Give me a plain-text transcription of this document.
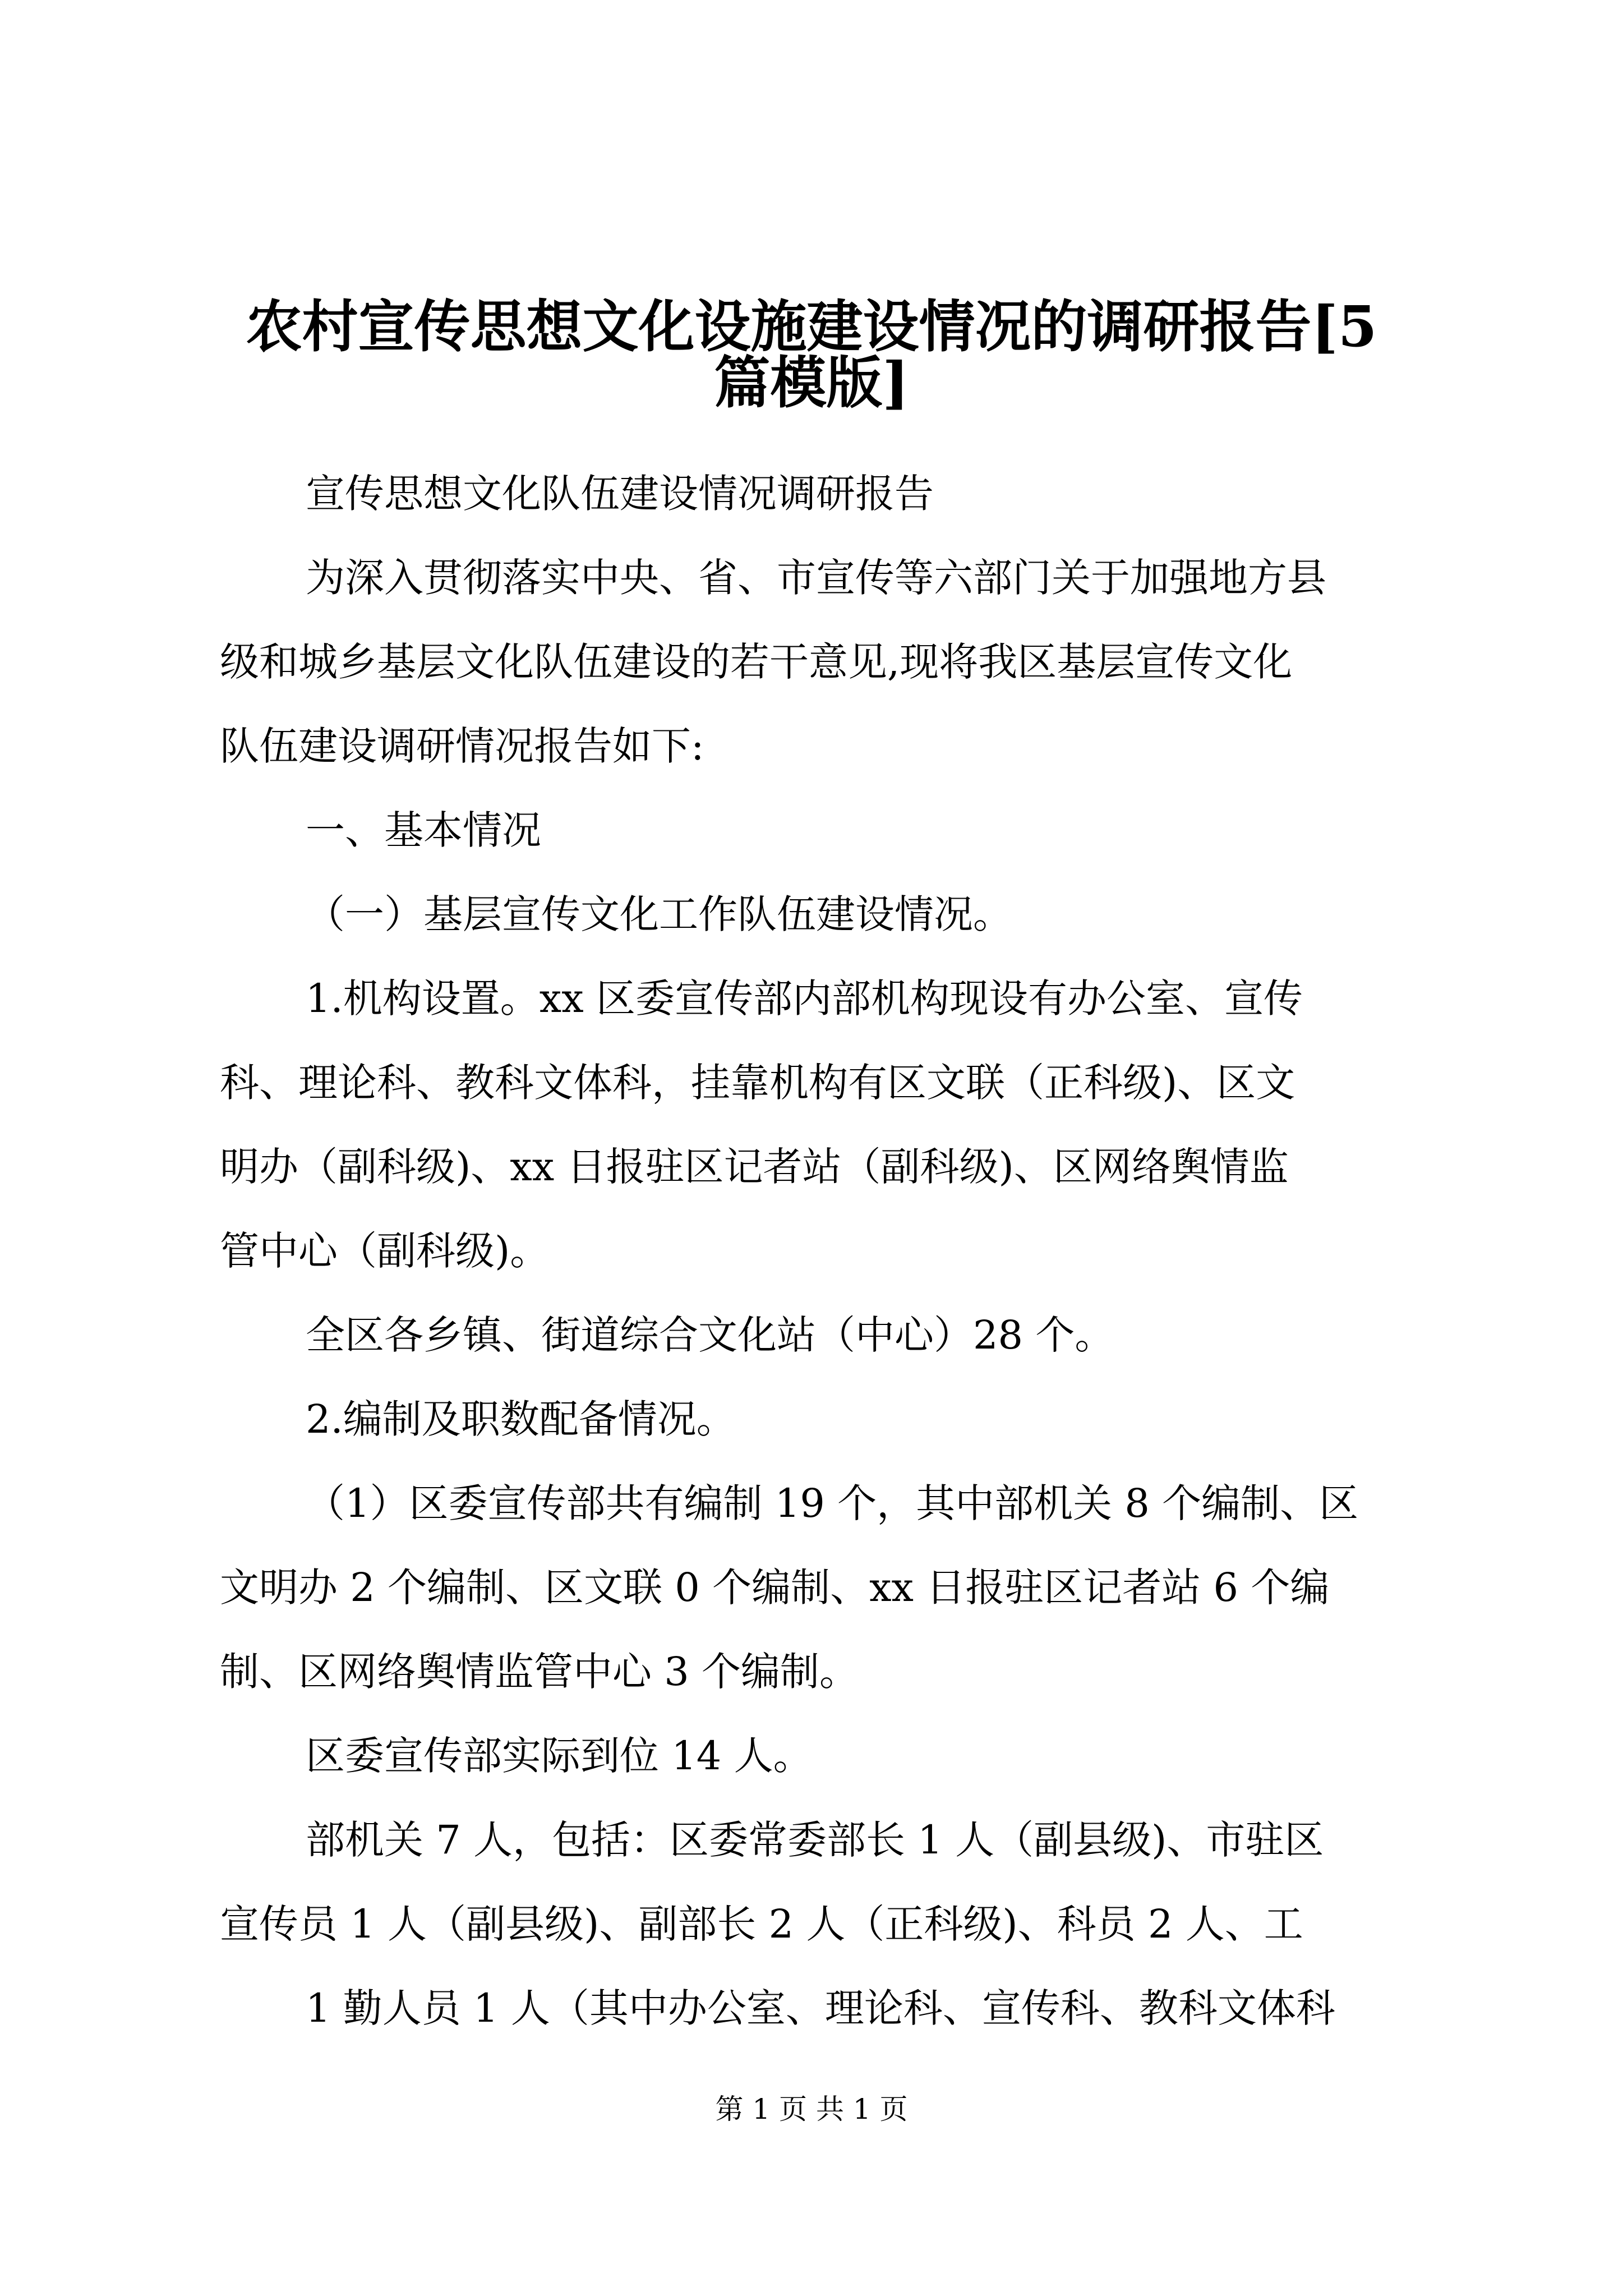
农村宣传思想文化设施建设情况的调研报告[5
篇模版]

宣传思想文化队伍建设情况调研报告

为深入贯彻落实中央、省、市宣传等六部门关于加强地方县

级和城乡基层文化队伍建设的若干意见,现将我区基层宣传文化

队伍建设调研情况报告如下:

一、基本情况

（一）基层宣传文化工作队伍建设情况。

1.机构设置。xx 区委宣传部内部机构现设有办公室、宣传

科、理论科、教科文体科，挂靠机构有区文联（正科级)、区文

明办（副科级)、xx 日报驻区记者站（副科级)、区网络舆情监

管中心（副科级)。

全区各乡镇、街道综合文化站（中心）28 个。

2.编制及职数配备情况。

（1）区委宣传部共有编制 19 个，其中部机关 8 个编制、区

文明办 2 个编制、区文联 0 个编制、xx 日报驻区记者站 6 个编

制、区网络舆情监管中心 3 个编制。

区委宣传部实际到位 14 人。

部机关 7 人，包括：区委常委部长 1 人（副县级)、市驻区

宣传员 1 人（副县级)、副部长 2 人（正科级)、科员 2 人、工

1 勤人员 1 人（其中办公室、理论科、宣传科、教科文体科

第 1 页 共 1 页
